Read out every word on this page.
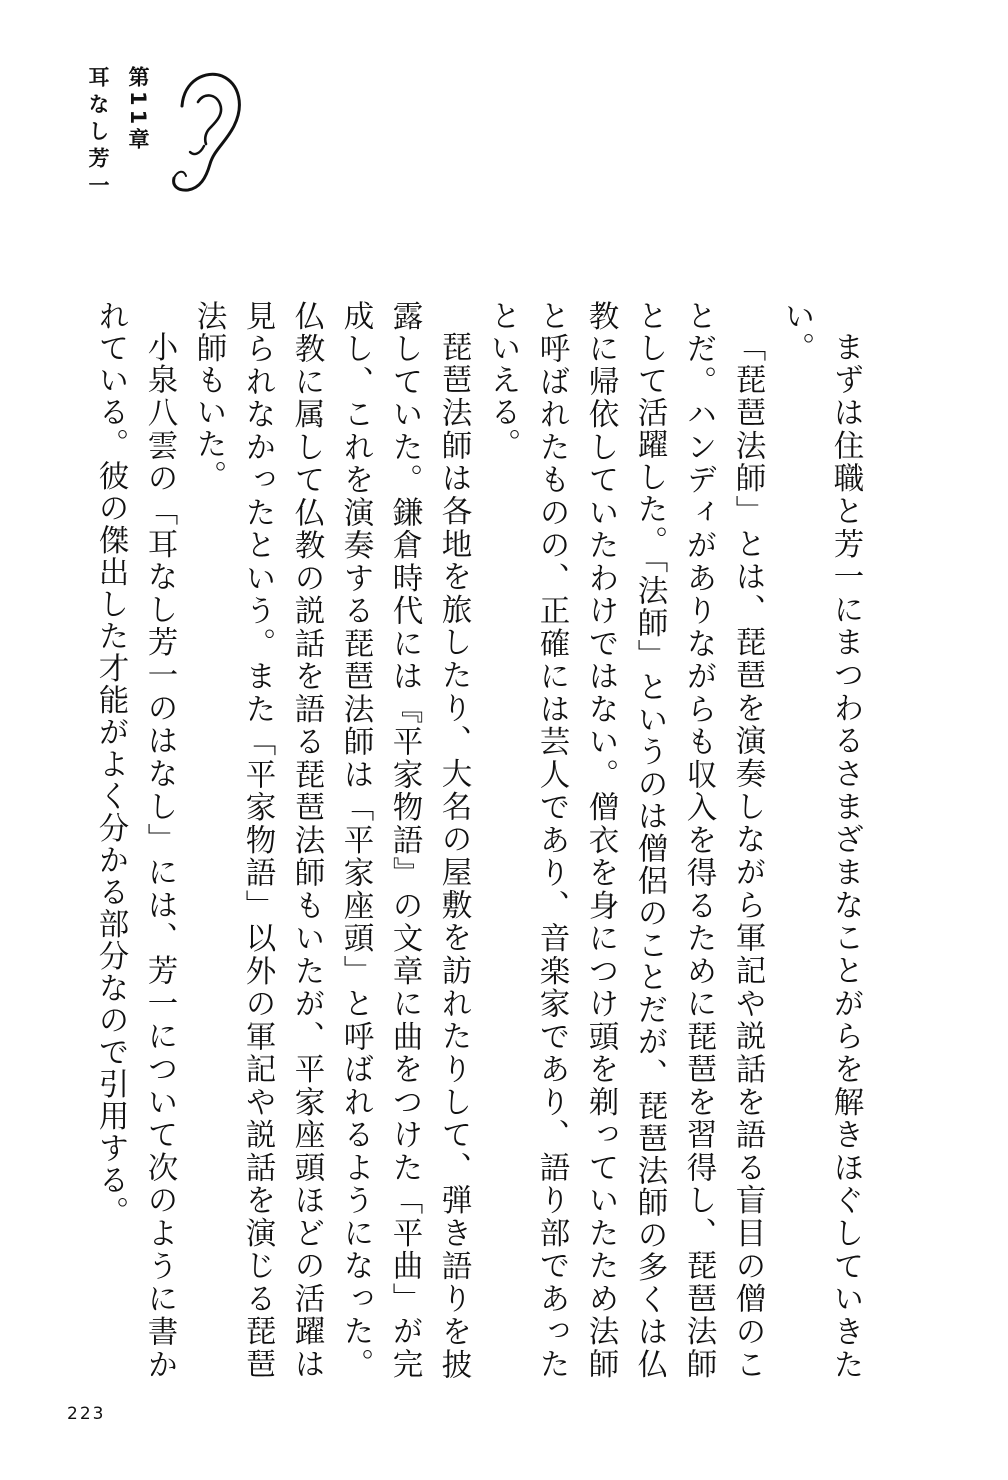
第11章
耳なし芳一

まずは住職と芳一にまつわるさまざまなことがらを解きほぐしていきたい。

「琵琶法師」とは、琵琶を演奏しながら軍記や説話を語る盲目の僧のことだ。ハンディがありながらも収入を得るために琵琶を習得し、琵琶法師として活躍した。「法師」というのは僧侶のことだが、琵琶法師の多くは仏教に帰依していたわけではない。僧衣を身につけ頭を剃っていたため法師と呼ばれたものの、正確には芸人であり、音楽家であり、語り部であったといえる。

琵琶法師は各地を旅したり、大名の屋敷を訪れたりして、弾き語りを披露していた。鎌倉時代には『平家物語』の文章に曲をつけた「平曲」が完成し、これを演奏する琵琶法師は「平家座頭」と呼ばれるようになった。仏教に属して仏教の説話を語る琵琶法師もいたが、平家座頭ほどの活躍は見られなかったという。また「平家物語」以外の軍記や説話を演じる琵琶法師もいた。

小泉八雲の「耳なし芳一のはなし」には、芳一について次のように書かれている。彼の傑出した才能がよく分かる部分なので引用する。

223
